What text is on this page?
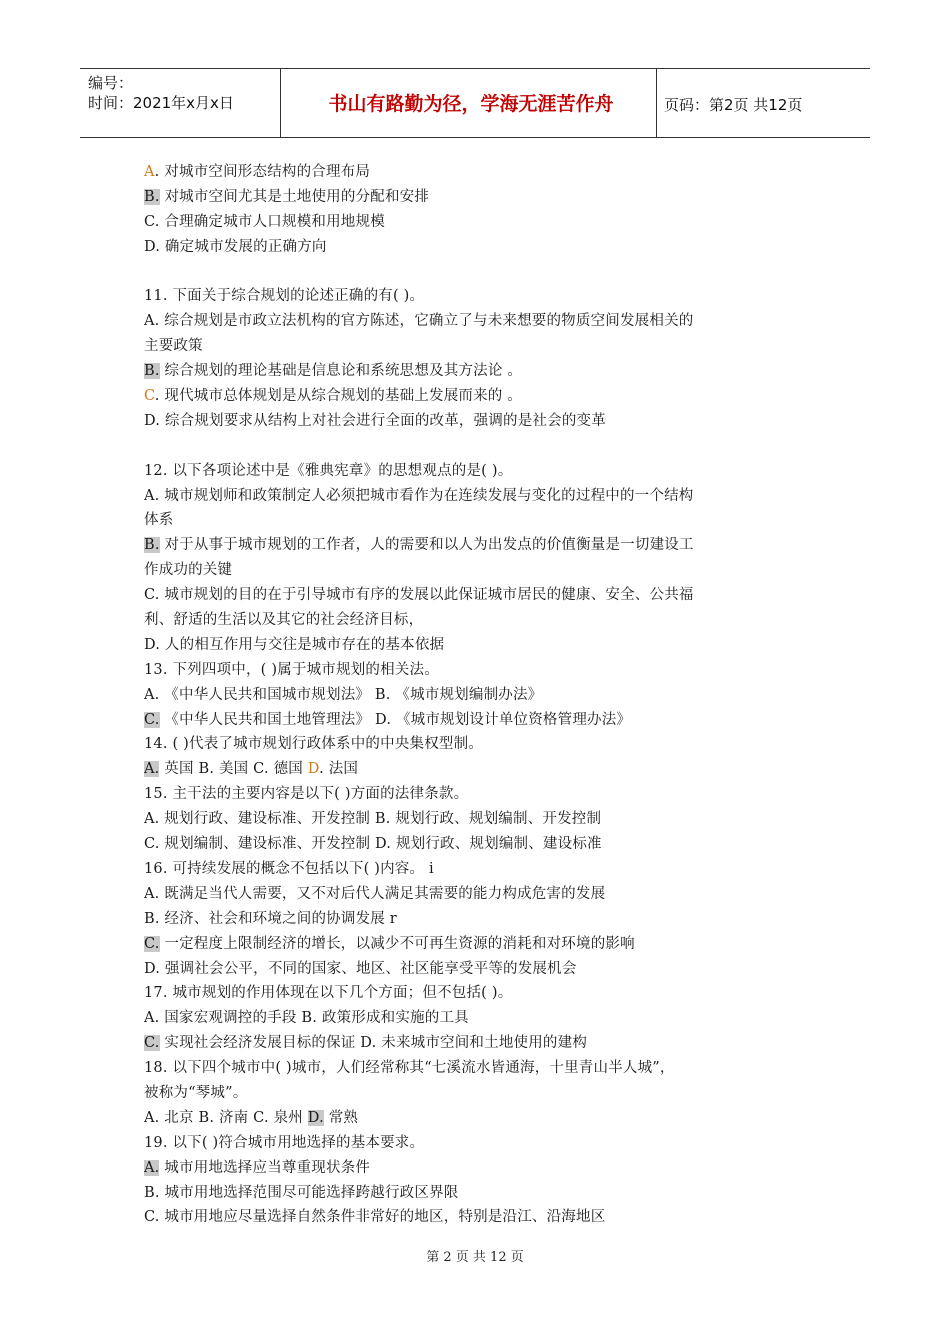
编号：
时间：2021年x月x日	书山有路勤为径，学海无涯苦作舟	页码：第2页 共12页
A. 对城市空间形态结构的合理布局
B. 对城市空间尤其是土地使用的分配和安排
C. 合理确定城市人口规模和用地规模
D. 确定城市发展的正确方向
11. 下面关于综合规划的论述正确的有( )。
A. 综合规划是市政立法机构的官方陈述，它确立了与未来想要的物质空间发展相关的
主要政策
B. 综合规划的理论基础是信息论和系统思想及其方法论 。
C. 现代城市总体规划是从综合规划的基础上发展而来的 。
D. 综合规划要求从结构上对社会进行全面的改革，强调的是社会的变革
12. 以下各项论述中是《雅典宪章》的思想观点的是( )。
A. 城市规划师和政策制定人必须把城市看作为在连续发展与变化的过程中的一个结构
体系
B. 对于从事于城市规划的工作者，人的需要和以人为出发点的价值衡量是一切建设工
作成功的关键
C. 城市规划的目的在于引导城市有序的发展以此保证城市居民的健康、安全、公共福
利、舒适的生活以及其它的社会经济目标，
D. 人的相互作用与交往是城市存在的基本依据
13. 下列四项中，( )属于城市规划的相关法。
A. 《中华人民共和国城市规划法》 B. 《城市规划编制办法》
C. 《中华人民共和国土地管理法》 D. 《城市规划设计单位资格管理办法》
14. ( )代表了城市规划行政体系中的中央集权型制。
A. 英国 B. 美国 C. 德国 D. 法国
15. 主干法的主要内容是以下( )方面的法律条款。
A. 规划行政、建设标准、开发控制 B. 规划行政、规划编制、开发控制
C. 规划编制、建设标准、开发控制 D. 规划行政、规划编制、建设标准
16. 可持续发展的概念不包括以下( )内容。 i
A. 既满足当代人需要，又不对后代人满足其需要的能力构成危害的发展
B. 经济、社会和环境之间的协调发展 r
C. 一定程度上限制经济的增长，以减少不可再生资源的消耗和对环境的影响
D. 强调社会公平，不同的国家、地区、社区能享受平等的发展机会
17. 城市规划的作用体现在以下几个方面；但不包括( )。
A. 国家宏观调控的手段 B. 政策形成和实施的工具
C. 实现社会经济发展目标的保证 D. 未来城市空间和土地使用的建构
18. 以下四个城市中( )城市，人们经常称其“七溪流水皆通海，十里青山半人城”，
被称为“琴城”。
A. 北京 B. 济南 C. 泉州 D. 常熟
19. 以下( )符合城市用地选择的基本要求。
A. 城市用地选择应当尊重现状条件
B. 城市用地选择范围尽可能选择跨越行政区界限
C. 城市用地应尽量选择自然条件非常好的地区，特别是沿江、沿海地区
第 2 页 共 12 页
